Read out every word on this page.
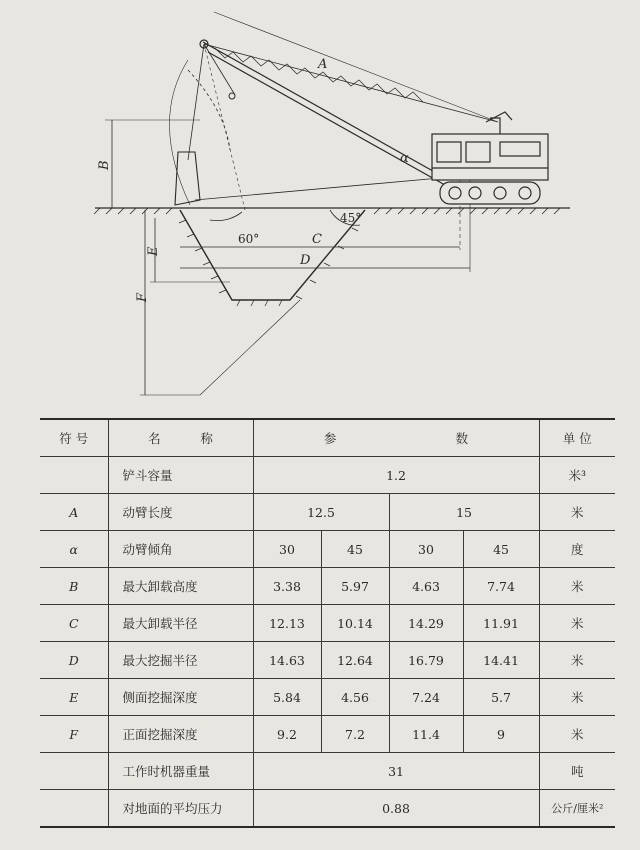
A
B
C
D
E
F
α
60°
45°
符 号	名 称	参 数				单 位
	铲斗容量	1.2				米³
A	动臂长度	12.5		15		米
α	动臂倾角	30	45	30	45	度
B	最大卸载高度	3.38	5.97	4.63	7.74	米
C	最大卸载半径	12.13	10.14	14.29	11.91	米
D	最大挖掘半径	14.63	12.64	16.79	14.41	米
E	侧面挖掘深度	5.84	4.56	7.24	5.7	米
F	正面挖掘深度	9.2	7.2	11.4	9	米
	工作时机器重量	31				吨
	对地面的平均压力	0.88				公斤/厘米²
